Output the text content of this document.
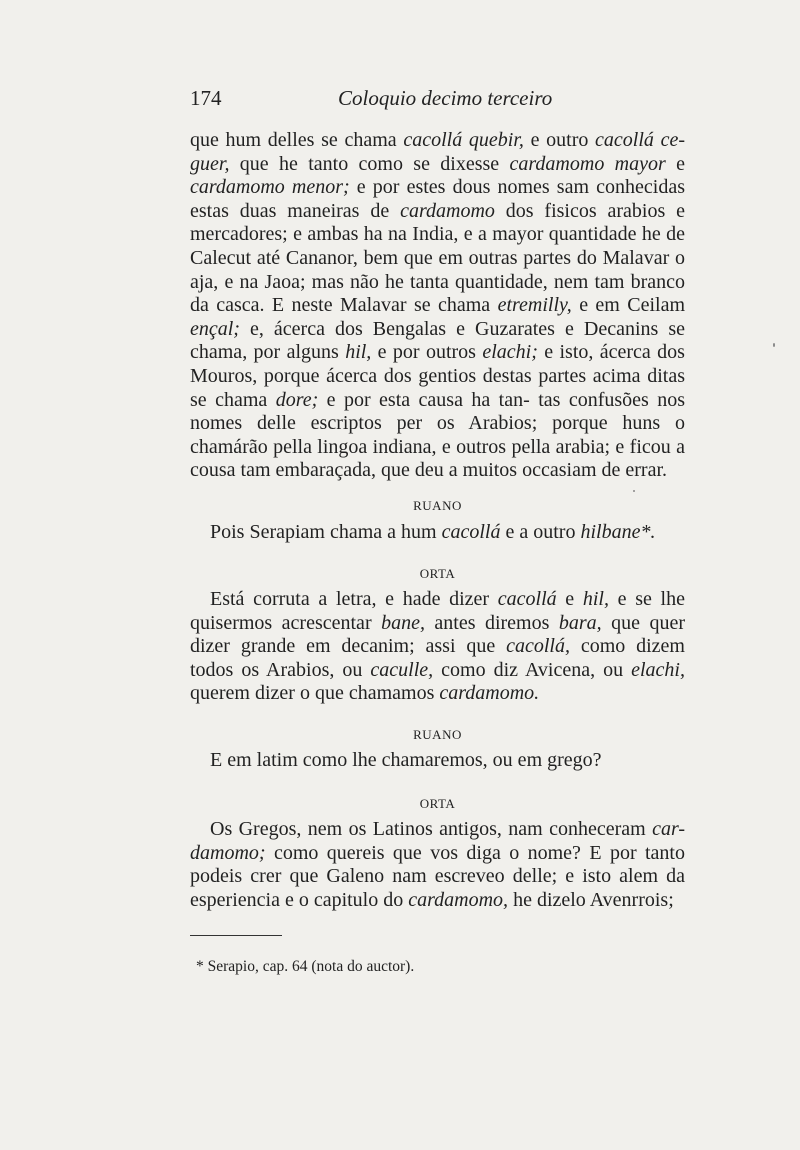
174	Coloquio decimo terceiro

que hum delles se chama cacollá quebir, e outro cacollá ce- guer, que he tanto como se dixesse cardamomo mayor e cardamomo menor; e por estes dous nomes sam conhecidas estas duas maneiras de cardamomo dos fisicos arabios e mercadores; e ambas ha na India, e a mayor quantidade he de Calecut até Cananor, bem que em outras partes do Malavar o aja, e na Jaoa; mas não he tanta quantidade, nem tam branco da casca. E neste Malavar se chama etremilly, e em Ceilam ençal; e, ácerca dos Bengalas e Guzarates e Decanins se chama, por alguns hil, e por outros elachi; e isto, ácerca dos Mouros, porque ácerca dos gentios destas partes acima ditas se chama dore; e por esta causa ha tan- tas confusões nos nomes delle escriptos per os Arabios; porque huns o chamárão pella lingoa indiana, e outros pella arabia; e ficou a cousa tam embaraçada, que deu a muitos occasiam de errar.

RUANO

Pois Serapiam chama a hum cacollá e a outro hilbane*.

ORTA

Está corruta a letra, e hade dizer cacollá e hil, e se lhe quisermos acrescentar bane, antes diremos bara, que quer dizer grande em decanim; assi que cacollá, como dizem todos os Arabios, ou caculle, como diz Avicena, ou elachi, querem dizer o que chamamos cardamomo.

RUANO

E em latim como lhe chamaremos, ou em grego?

ORTA

Os Gregos, nem os Latinos antigos, nam conheceram car- damomo; como quereis que vos diga o nome? E por tanto podeis crer que Galeno nam escreveo delle; e isto alem da esperiencia e o capitulo do cardamomo, he dizelo Avenrrois;

* Serapio, cap. 64 (nota do auctor).
